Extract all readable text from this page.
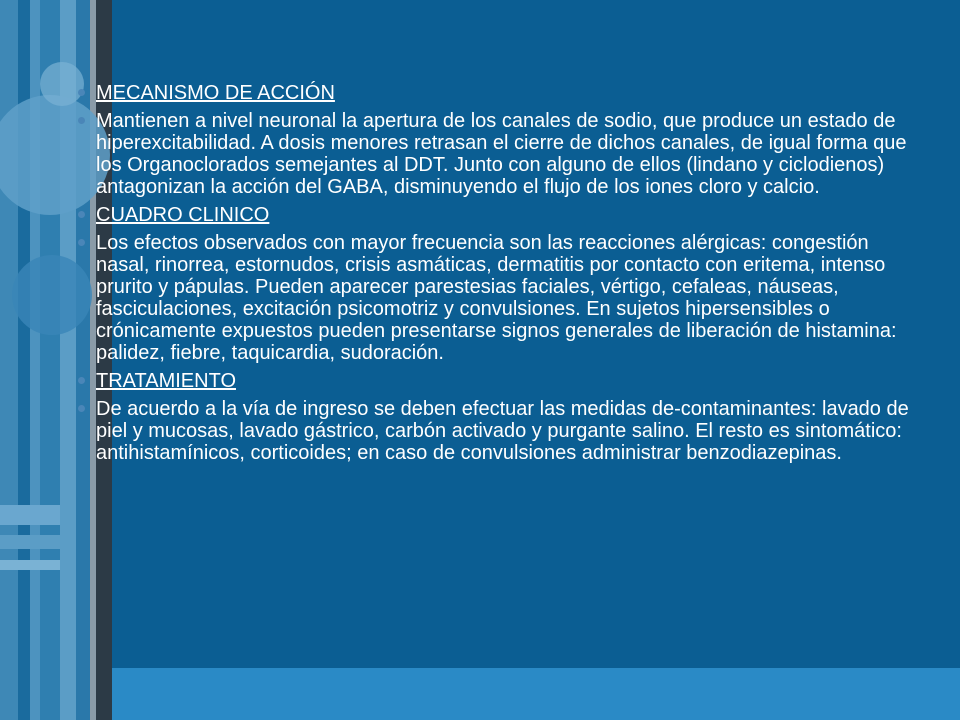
MECANISMO DE ACCIÓN
Mantienen a nivel neuronal la apertura de los canales de sodio, que produce un estado de hiperexcitabilidad. A dosis menores retrasan el cierre de dichos canales, de igual forma que los Organoclorados semejantes al DDT. Junto con alguno de ellos (lindano y ciclodienos) antagonizan la acción del GABA, disminuyendo el flujo de los iones cloro y calcio.
CUADRO CLINICO
Los efectos observados con mayor frecuencia son las reacciones alérgicas: congestión nasal, rinorrea, estornudos, crisis asmáticas, dermatitis por contacto con eritema, intenso prurito y pápulas. Pueden aparecer parestesias faciales, vértigo, cefaleas, náuseas, fasciculaciones, excitación psicomotriz y convulsiones. En sujetos hipersensibles o crónicamente expuestos pueden presentarse signos generales de liberación de histamina: palidez, fiebre, taquicardia, sudoración.
TRATAMIENTO
De acuerdo a la vía de ingreso se deben efectuar las medidas de-contaminantes: lavado de piel y mucosas, lavado gástrico, carbón activado y purgante salino. El resto es sintomático: antihistamínicos, corticoides; en caso de convulsiones administrar benzodiazepinas.
